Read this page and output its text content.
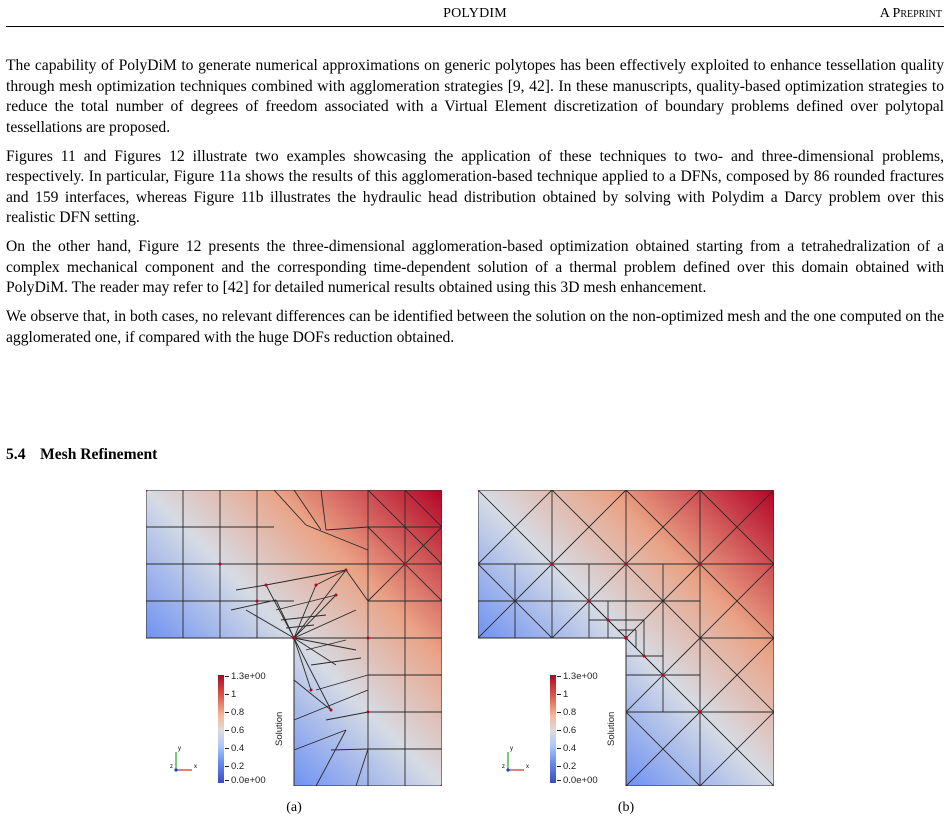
POLYDIM	A Preprint

The capability of PolyDiM to generate numerical approximations on generic polytopes has been effectively exploited to enhance tessellation quality through mesh optimization techniques combined with agglomeration strategies [9, 42]. In these manuscripts, quality-based optimization strategies to reduce the total number of degrees of freedom associated with a Virtual Element discretization of boundary problems defined over polytopal tessellations are proposed.

Figures 11 and Figures 12 illustrate two examples showcasing the application of these techniques to two- and three-dimensional problems, respectively. In particular, Figure 11a shows the results of this agglomeration-based technique applied to a DFNs, composed by 86 rounded fractures and 159 interfaces, whereas Figure 11b illustrates the hydraulic head distribution obtained by solving with Polydim a Darcy problem over this realistic DFN setting.

On the other hand, Figure 12 presents the three-dimensional agglomeration-based optimization obtained starting from a tetrahedralization of a complex mechanical component and the corresponding time-dependent solution of a thermal problem defined over this domain obtained with PolyDiM. The reader may refer to [42] for detailed numerical results obtained using this 3D mesh enhancement.

We observe that, in both cases, no relevant differences can be identified between the solution on the non-optimized mesh and the one computed on the agglomerated one, if compared with the huge DOFs reduction obtained.

5.4 Mesh Refinement
1.3e+00
1
0.8
0.6
0.4
0.2
0.0e+00
Solution
1.3e+00
1
0.8
0.6
0.4
0.2
0.0e+00
Solution
y
z	x
y
z	x
(a)	(b)
